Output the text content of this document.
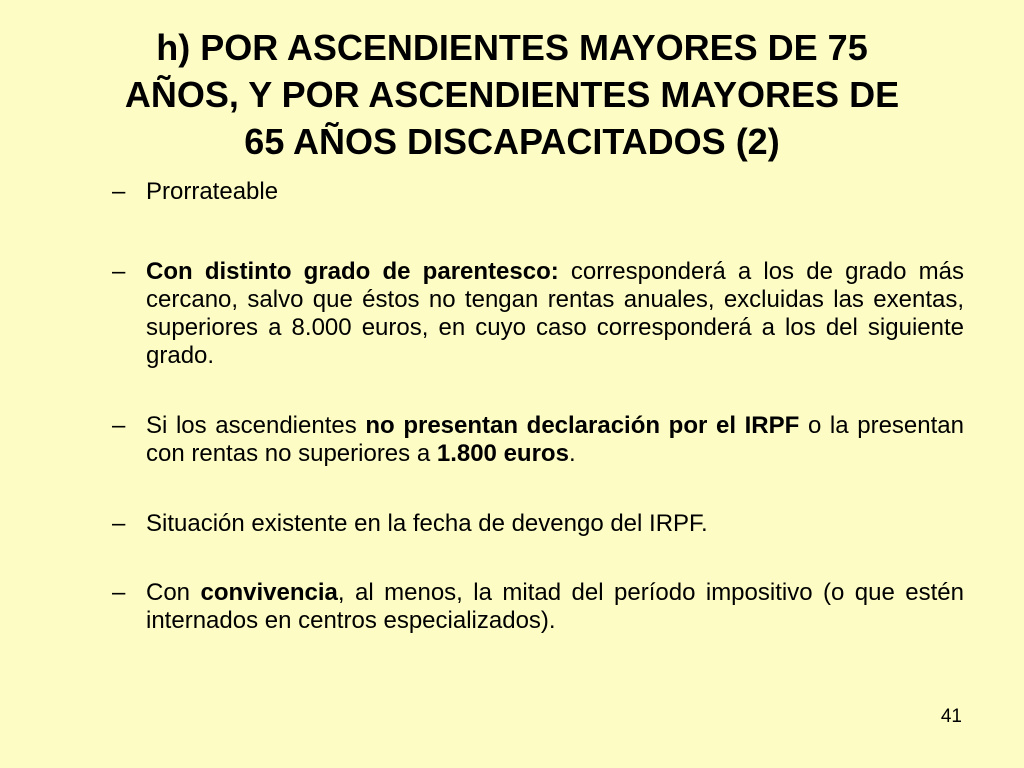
h) POR ASCENDIENTES MAYORES DE 75
AÑOS, Y POR ASCENDIENTES MAYORES DE
65 AÑOS DISCAPACITADOS (2)
– Prorrateable
– Con distinto grado de parentesco: corresponderá a los de grado más cercano, salvo que éstos no tengan rentas anuales, excluidas las exentas, superiores a 8.000 euros, en cuyo caso corresponderá a los del siguiente grado.
– Si los ascendientes no presentan declaración por el IRPF o la presentan con rentas no superiores a 1.800 euros.
– Situación existente en la fecha de devengo del IRPF.
– Con convivencia, al menos, la mitad del período impositivo (o que estén internados en centros especializados).
41
